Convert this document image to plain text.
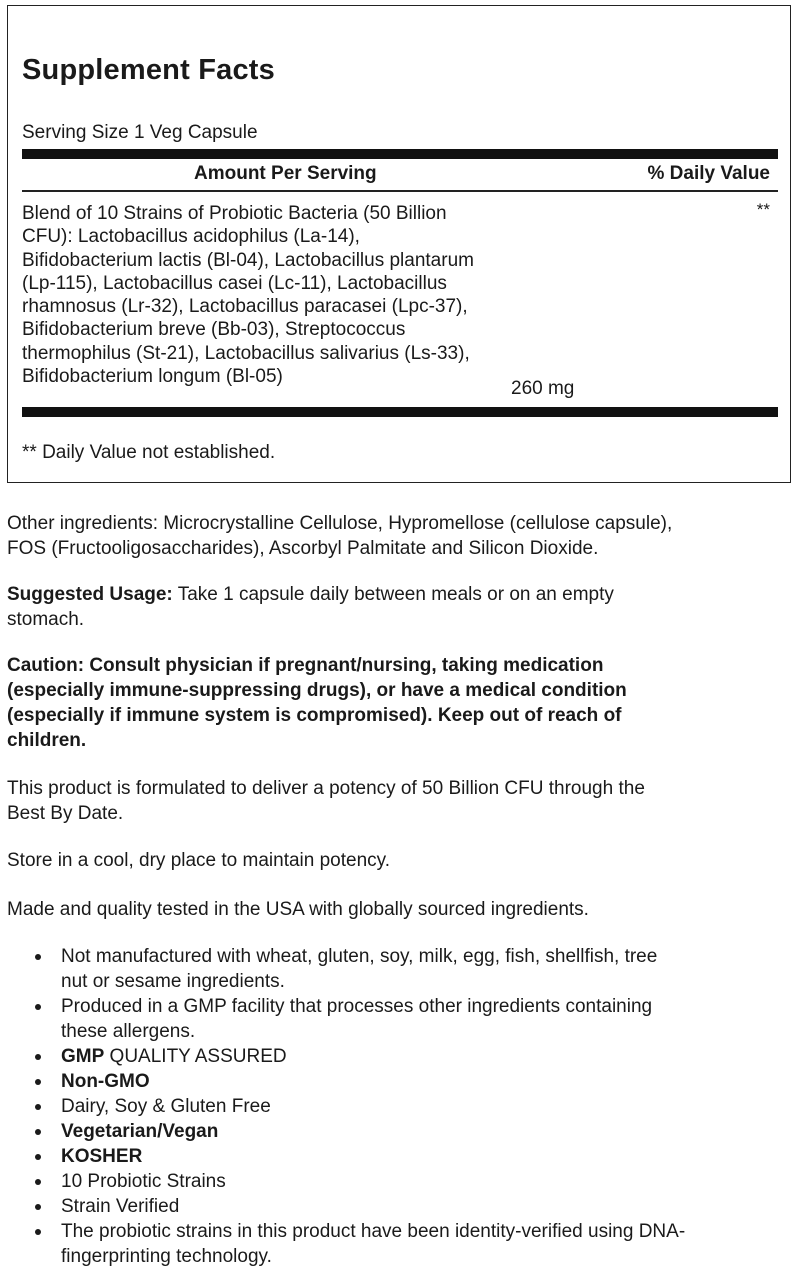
Supplement Facts
Serving Size 1 Veg Capsule
Amount Per Serving	% Daily Value
Blend of 10 Strains of Probiotic Bacteria (50 Billion
CFU): Lactobacillus acidophilus (La-14),
Bifidobacterium lactis (Bl-04), Lactobacillus plantarum
(Lp-115), Lactobacillus casei (Lc-11), Lactobacillus
rhamnosus (Lr-32), Lactobacillus paracasei (Lpc-37),
Bifidobacterium breve (Bb-03), Streptococcus
thermophilus (St-21), Lactobacillus salivarius (Ls-33),
Bifidobacterium longum (Bl-05)
260 mg
**
** Daily Value not established.
Other ingredients: Microcrystalline Cellulose, Hypromellose (cellulose capsule),
FOS (Fructooligosaccharides), Ascorbyl Palmitate and Silicon Dioxide.
Suggested Usage: Take 1 capsule daily between meals or on an empty
stomach.
Caution: Consult physician if pregnant/nursing, taking medication
(especially immune-suppressing drugs), or have a medical condition
(especially if immune system is compromised). Keep out of reach of
children.
This product is formulated to deliver a potency of 50 Billion CFU through the
Best By Date.
Store in a cool, dry place to maintain potency.
Made and quality tested in the USA with globally sourced ingredients.
Not manufactured with wheat, gluten, soy, milk, egg, fish, shellfish, tree
nut or sesame ingredients.
Produced in a GMP facility that processes other ingredients containing
these allergens.
GMP QUALITY ASSURED
Non-GMO
Dairy, Soy & Gluten Free
Vegetarian/Vegan
KOSHER
10 Probiotic Strains
Strain Verified
The probiotic strains in this product have been identity-verified using DNA-
fingerprinting technology.
